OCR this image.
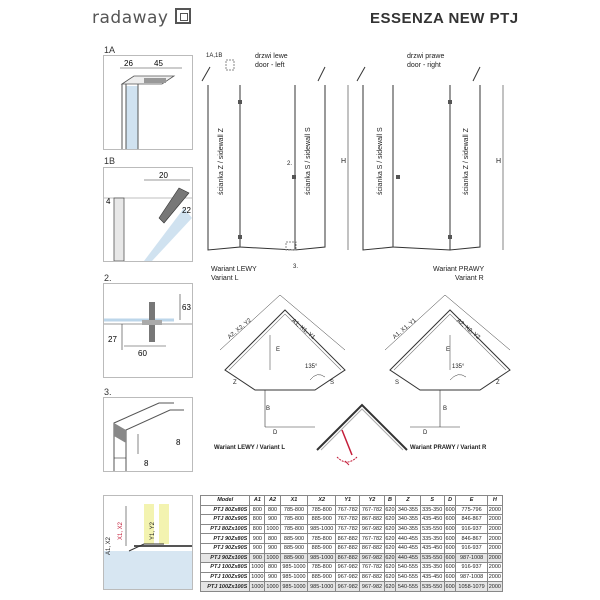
radaway	ESSENZA NEW PTJ
1A
26	45
1B
20
4
22
2.
63
27
60
3.
8
8
1A,1B	drzwi lewe
door - left
ścianka Z / sidewall Z	ścianka S / sidewall S	H
2.
3.
Wariant LEWY
Variant L
drzwi prawe
door - right
ścianka S / sidewall S	ścianka Z / sidewall Z	H
Wariant PRAWY
Variant R
A1, X1, Y1
A2, X2, Y2
135°
E
B
D
Z	S
Wariant LEWY / Variant L
A2, X2, Y2
A1, X1, Y1
135°
E
B
D
S	Z
Wariant PRAWY / Variant R
A1, X2
X1, X2	Y1, Y2
Model	A1	A2	X1	X2	Y1	Y2	B	Z	S	D	E	H
PTJ 80Zx80S	800	800	785-800	785-800	767-782	767-782	620	340-355	335-350	600	775-796	2000
PTJ 80Zx90S	800	900	785-800	885-900	767-782	867-882	620	340-355	435-450	600	846-867	2000
PTJ 80Zx100S	800	1000	785-800	985-1000	767-782	967-982	620	340-355	535-550	600	916-937	2000
PTJ 90Zx80S	900	800	885-900	785-800	867-882	767-782	620	440-455	335-350	600	846-867	2000
PTJ 90Zx90S	900	900	885-900	885-900	867-882	867-882	620	440-455	435-450	600	916-937	2000
PTJ 90Zx100S	900	1000	885-900	985-1000	867-882	967-982	620	440-455	535-550	600	987-1008	2000
PTJ 100Zx80S	1000	800	985-1000	785-800	967-982	767-782	620	540-555	335-350	600	916-937	2000
PTJ 100Zx90S	1000	900	985-1000	885-900	967-982	867-882	620	540-555	435-450	600	987-1008	2000
PTJ 100Zx100S	1000	1000	985-1000	985-1000	967-982	967-982	620	540-555	535-550	600	1058-1079	2000
